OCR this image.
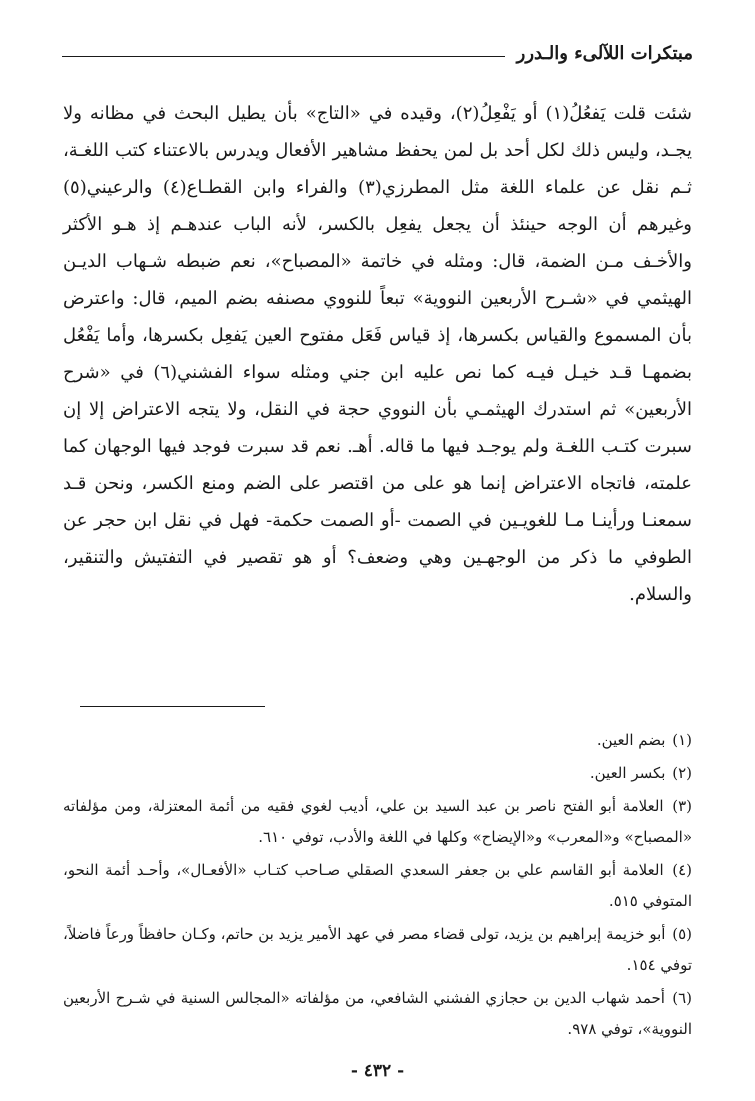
مبتكرات اللآلىء والـدرر

شئت قلت يَفعُلُ(١) أو يَفْعِلُ(٢)، وقيده في «التاج» بأن يطيل البحث في مظانه ولا يجـد، وليس ذلك لكل أحد بل لمن يحفظ مشاهير الأفعال ويدرس بالاعتناء كتب اللغـة، ثـم نقل عن علماء اللغة مثل المطرزي(٣) والفراء وابن القطـاع(٤) والرعيني(٥) وغيرهم أن الوجه حينئذ أن يجعل يفعِل بالكسر، لأنه الباب عندهـم إذ هـو الأكثر والأخـف مـن الضمة، قال: ومثله في خاتمة «المصباح»، نعم ضبطه شـهاب الديـن الهيثمي في «شـرح الأربعين النووية» تبعاً للنووي مصنفه بضم الميم، قال: واعترض بأن المسموع والقياس بكسرها، إذ قياس فَعَل مفتوح العين يَفعِل بكسرها، وأما يَفْعُل بضمهـا قـد خيـل فيـه كما نص عليه ابن جني ومثله سواء الفشني(٦) في «شرح الأربعين» ثم استدرك الهيثمـي بأن النووي حجة في النقل، ولا يتجه الاعتراض إلا إن سبرت كتـب اللغـة ولم يوجـد فيها ما قاله. أهـ. نعم قد سبرت فوجد فيها الوجهان كما علمته، فاتجاه الاعتراض إنما هو على من اقتصر على الضم ومنع الكسر، ونحن قـد سمعنـا ورأينـا مـا للغويـين في الصمت -أو الصمت حكمة- فهل في نقل ابن حجر عن الطوفي ما ذكر من الوجهـين وهي وضعف؟ أو هو تقصير في التفتيش والتنقير، والسلام.

(١) بضم العين.

(٢) بكسر العين.

(٣) العلامة أبو الفتح ناصر بن عبد السيد بن علي، أديب لغوي فقيه من أئمة المعتزلة، ومن مؤلفاته «المصباح» و«المعرب» و«الإيضاح» وكلها في اللغة والأدب، توفي ٦١٠.

(٤) العلامة أبو القاسم علي بن جعفر السعدي الصقلي صـاحب كتـاب «الأفعـال»، وأحـد أئمة النحو، المتوفي ٥١٥.

(٥) أبو خزيمة إبراهيم بن يزيد، تولى قضاء مصر في عهد الأمير يزيد بن حاتم، وكـان حافظاً ورعاً فاضلاً، توفي ١٥٤.

(٦) أحمد شهاب الدين بن حجازي الفشني الشافعي، من مؤلفاته «المجالس السنية في شـرح الأربعين النووية»، توفي ٩٧٨.

- ٤٣٢ -
